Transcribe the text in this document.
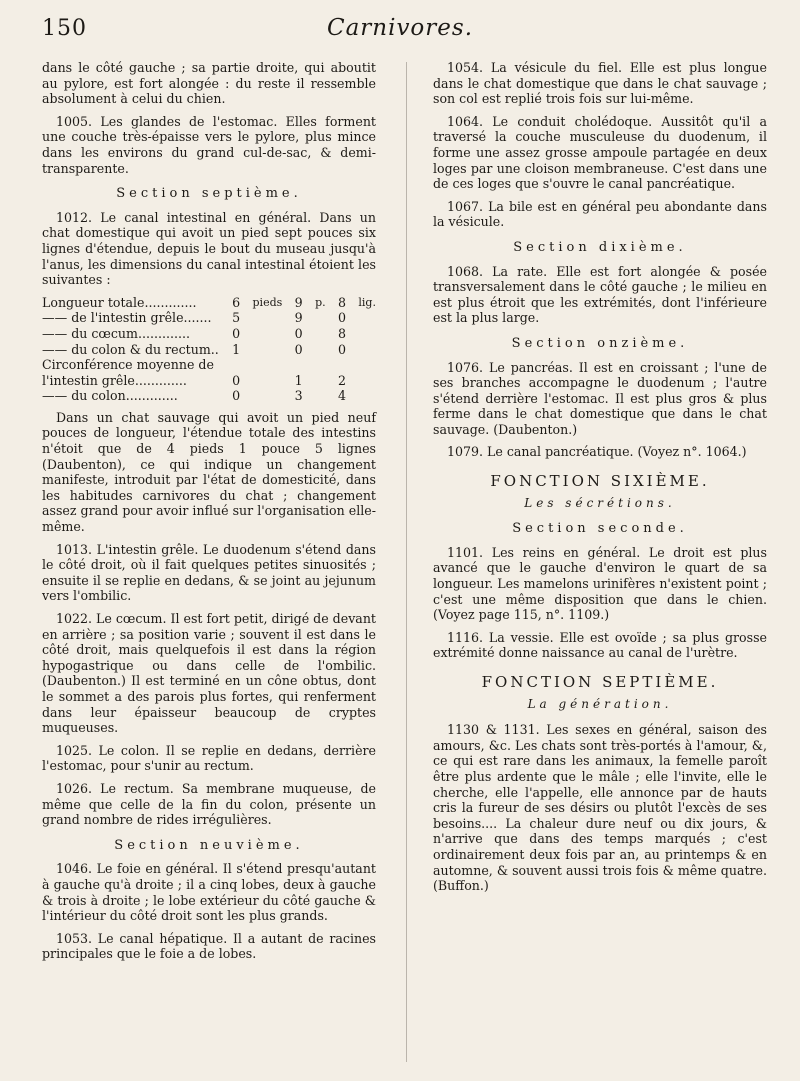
150	Carnivores.

dans le côté gauche ; sa partie droite, qui aboutit au pylore, est fort alongée : du reste il ressemble absolument à celui du chien.

1005. Les glandes de l'estomac. Elles forment une couche très-épaisse vers le pylore, plus mince dans les environs du grand cul-de-sac, & demi-transparente.

Section septième.

1012. Le canal intestinal en général. Dans un chat domestique qui avoit un pied sept pouces six lignes d'étendue, depuis le bout du museau jusqu'à l'anus, les dimensions du canal intestinal étoient les suivantes :

Longueur totale.............	6	pieds	9	p.	8	lig.
—— de l'intestin grêle.......	5		9		0	
—— du cœcum.............	0		0		8	
—— du colon & du rectum..	1		0		0	
Circonférence moyenne de						
l'intestin grêle.............	0		1		2	
—— du colon.............	0		3		4	

Dans un chat sauvage qui avoit un pied neuf pouces de longueur, l'étendue totale des intestins n'étoit que de 4 pieds 1 pouce 5 lignes (Daubenton), ce qui indique un changement manifeste, introduit par l'état de domesticité, dans les habitudes carnivores du chat ; changement assez grand pour avoir influé sur l'organisation elle-même.

1013. L'intestin grêle. Le duodenum s'étend dans le côté droit, où il fait quelques petites sinuosités ; ensuite il se replie en dedans, & se joint au jejunum vers l'ombilic.

1022. Le cœcum. Il est fort petit, dirigé de devant en arrière ; sa position varie ; souvent il est dans le côté droit, mais quelquefois il est dans la région hypogastrique ou dans celle de l'ombilic. (Daubenton.) Il est terminé en un cône obtus, dont le sommet a des parois plus fortes, qui renferment dans leur épaisseur beaucoup de cryptes muqueuses.

1025. Le colon. Il se replie en dedans, derrière l'estomac, pour s'unir au rectum.

1026. Le rectum. Sa membrane muqueuse, de même que celle de la fin du colon, présente un grand nombre de rides irrégulières.

Section neuvième.

1046. Le foie en général. Il s'étend presqu'autant à gauche qu'à droite ; il a cinq lobes, deux à gauche & trois à droite ; le lobe extérieur du côté gauche & l'intérieur du côté droit sont les plus grands.

1053. Le canal hépatique. Il a autant de racines principales que le foie a de lobes.

1054. La vésicule du fiel. Elle est plus longue dans le chat domestique que dans le chat sauvage ; son col est replié trois fois sur lui-même.

1064. Le conduit cholédoque. Aussitôt qu'il a traversé la couche musculeuse du duodenum, il forme une assez grosse ampoule partagée en deux loges par une cloison membraneuse. C'est dans une de ces loges que s'ouvre le canal pancréatique.

1067. La bile est en général peu abondante dans la vésicule.

Section dixième.

1068. La rate. Elle est fort alongée & posée transversalement dans le côté gauche ; le milieu en est plus étroit que les extrémités, dont l'inférieure est la plus large.

Section onzième.

1076. Le pancréas. Il est en croissant ; l'une de ses branches accompagne le duodenum ; l'autre s'étend derrière l'estomac. Il est plus gros & plus ferme dans le chat domestique que dans le chat sauvage. (Daubenton.)

1079. Le canal pancréatique. (Voyez n°. 1064.)

FONCTION SIXIÈME.
Les sécrétions.
Section seconde.

1101. Les reins en général. Le droit est plus avancé que le gauche d'environ le quart de sa longueur. Les mamelons urinifères n'existent point ; c'est une même disposition que dans le chien. (Voyez page 115, n°. 1109.)

1116. La vessie. Elle est ovoïde ; sa plus grosse extrémité donne naissance au canal de l'urètre.

FONCTION SEPTIÈME.
La génération.

1130 & 1131. Les sexes en général, saison des amours, &c. Les chats sont très-portés à l'amour, &, ce qui est rare dans les animaux, la femelle paroît être plus ardente que le mâle ; elle l'invite, elle le cherche, elle l'appelle, elle annonce par de hauts cris la fureur de ses désirs ou plutôt l'excès de ses besoins.... La chaleur dure neuf ou dix jours, & n'arrive que dans des temps marqués ; c'est ordinairement deux fois par an, au printemps & en automne, & souvent aussi trois fois & même quatre. (Buffon.)
